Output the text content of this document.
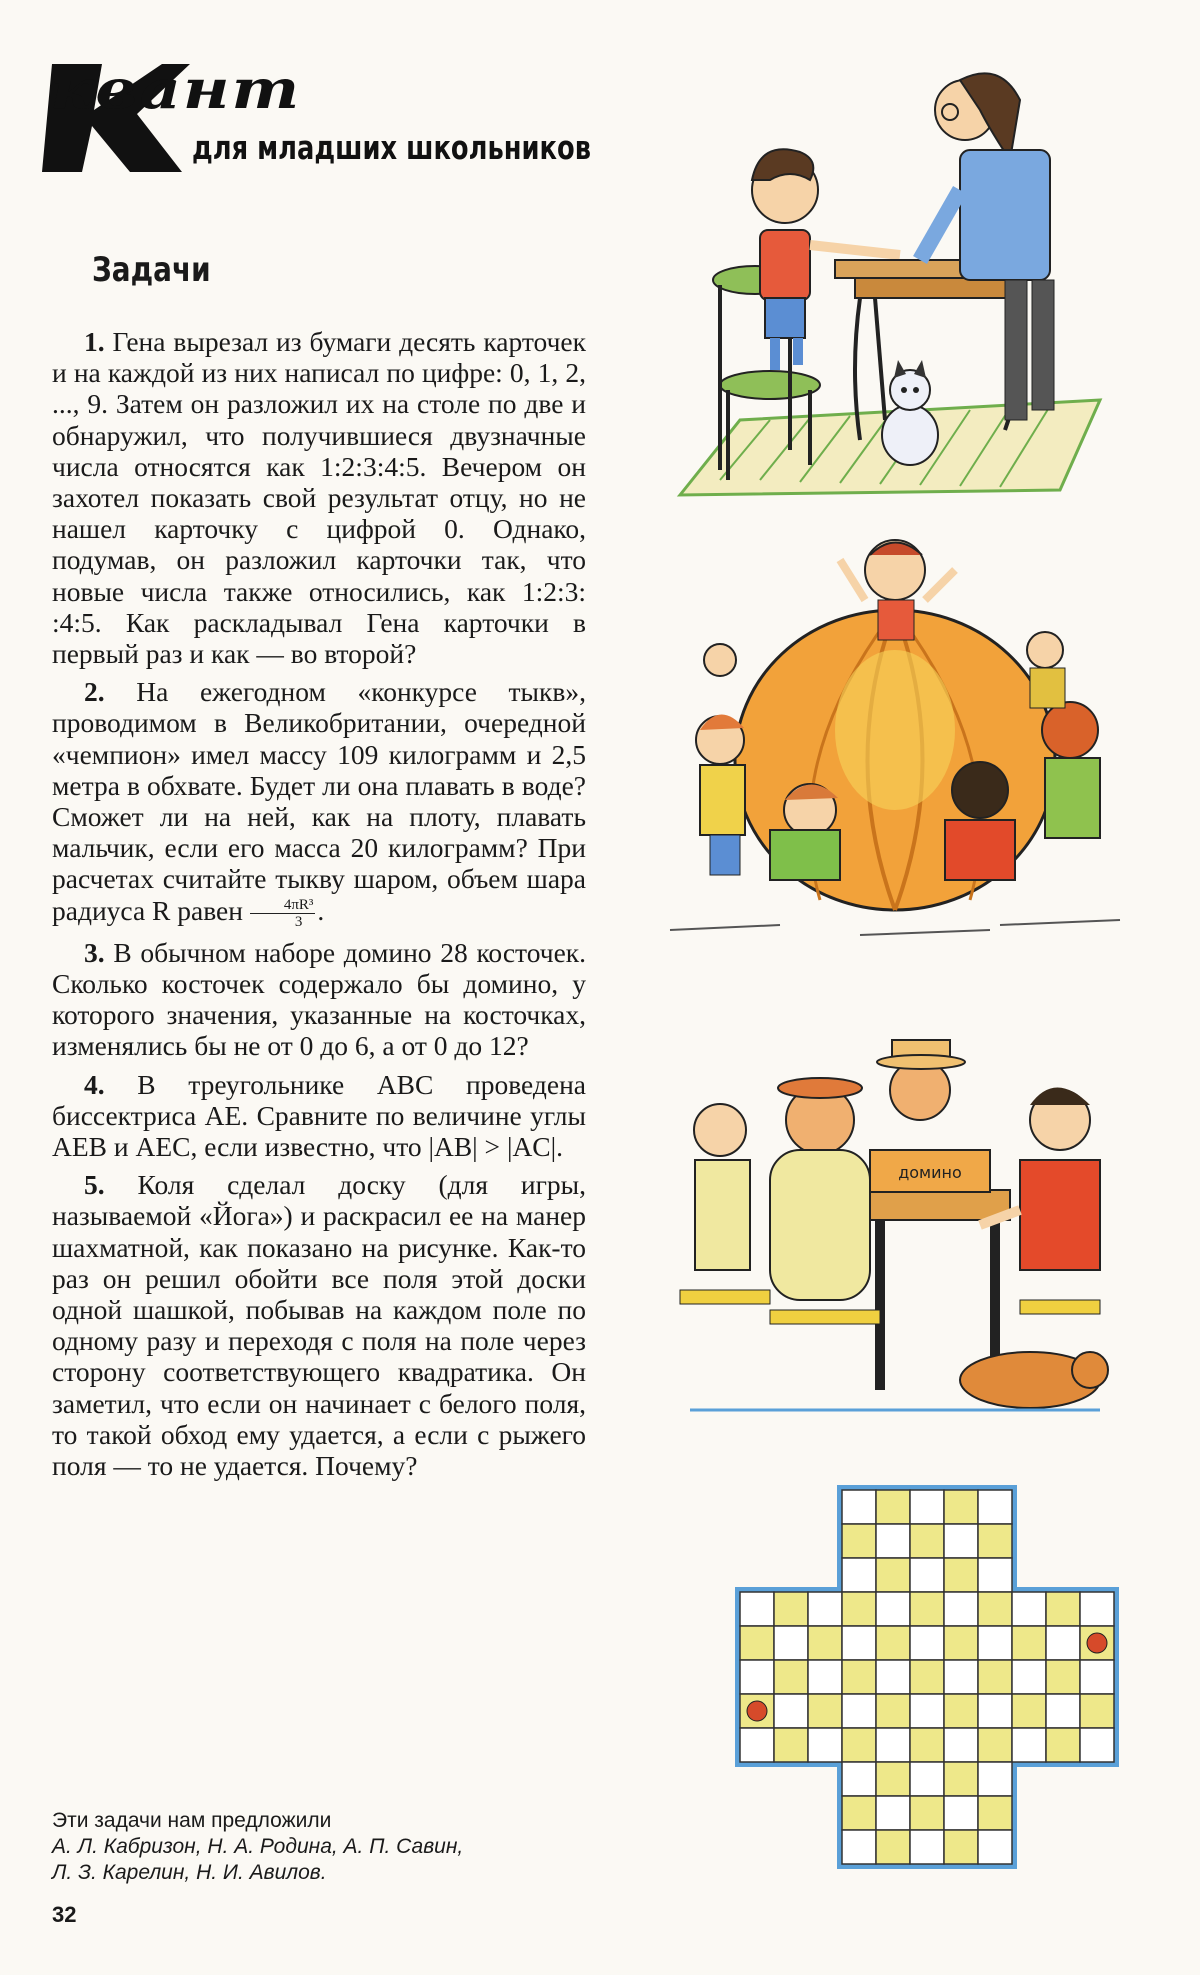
квант
для младших школьников
Задачи

1. Гена вырезал из бумаги десять карточек и на каждой из них написал по цифре: 0, 1, 2, ..., 9. Затем он разложил их на столе по две и обнаружил, что получившиеся двузначные числа относятся как 1:2:3:4:5. Вечером он захотел показать свой результат отцу, но не нашел карточку с цифрой 0. Однако, подумав, он разложил карточки так, что новые числа также относились, как 1:2:3: :4:5. Как раскладывал Гена карточки в первый раз и как — во второй?

2. На ежегодном «конкурсе тыкв», проводимом в Великобритании, очередной «чемпион» имел массу 109 килограмм и 2,5 метра в обхвате. Будет ли она плавать в воде? Сможет ли на ней, как на плоту, плавать мальчик, если его масса 20 килограмм? При расчетах считайте тыкву шаром, объем шара радиуса R равен $\frac{\text{4πR³}}{3}$ .

3. В обычном наборе домино 28 косточек. Сколько косточек содержало бы домино, у которого значения, указанные на косточках, изменялись бы не от 0 до 6, а от 0 до 12?

4. В треугольнике ABC проведена биссектриса AE. Сравните по величине углы AEB и AEC, если известно, что |AB| > |AC|.

5. Коля сделал доску (для игры, называемой «Йога») и раскрасил ее на манер шахматной, как показано на рисунке. Как-то раз он решил обойти все поля этой доски одной шашкой, побывав на каждом поле по одному разу и переходя с поля на поле через сторону соответствующего квадратика. Он заметил, что если он начинает с белого поля, то такой обход ему удается, а если с рыжего поля — то не удается. Почему?

Эти задачи нам предложили
А. Л. Кабризон, Н. А. Родина, А. П. Савин,
Л. З. Карелин, Н. И. Авилов.
32
домино
